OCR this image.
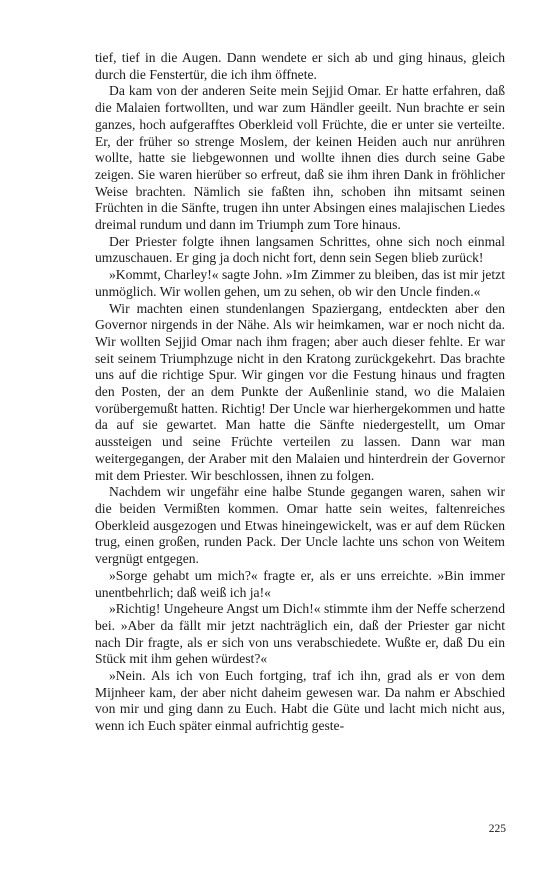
tief, tief in die Augen. Dann wendete er sich ab und ging hinaus, gleich durch die Fenstertür, die ich ihm öffnete.

Da kam von der anderen Seite mein Sejjid Omar. Er hatte erfahren, daß die Malaien fortwollten, und war zum Händler geeilt. Nun brachte er sein ganzes, hoch aufgerafftes Oberkleid voll Früchte, die er unter sie verteilte. Er, der früher so strenge Moslem, der keinen Heiden auch nur anrühren wollte, hatte sie liebgewonnen und wollte ihnen dies durch seine Gabe zeigen. Sie waren hierüber so erfreut, daß sie ihm ihren Dank in fröhlicher Weise brachten. Nämlich sie faßten ihn, schoben ihn mitsamt seinen Früchten in die Sänfte, trugen ihn unter Absingen eines malajischen Liedes dreimal rundum und dann im Triumph zum Tore hinaus.

Der Priester folgte ihnen langsamen Schrittes, ohne sich noch einmal umzuschauen. Er ging ja doch nicht fort, denn sein Segen blieb zurück!

»Kommt, Charley!« sagte John. »Im Zimmer zu bleiben, das ist mir jetzt unmöglich. Wir wollen gehen, um zu sehen, ob wir den Uncle finden.«

Wir machten einen stundenlangen Spaziergang, entdeckten aber den Governor nirgends in der Nähe. Als wir heimkamen, war er noch nicht da. Wir wollten Sejjid Omar nach ihm fragen; aber auch dieser fehlte. Er war seit seinem Triumphzuge nicht in den Kratong zurückgekehrt. Das brachte uns auf die richtige Spur. Wir gingen vor die Festung hinaus und fragten den Posten, der an dem Punkte der Außenlinie stand, wo die Malaien vorübergemußt hatten. Richtig! Der Uncle war hierhergekommen und hatte da auf sie gewartet. Man hatte die Sänfte niedergestellt, um Omar aussteigen und seine Früchte verteilen zu lassen. Dann war man weitergegangen, der Araber mit den Malaien und hinterdrein der Governor mit dem Priester. Wir beschlossen, ihnen zu folgen.

Nachdem wir ungefähr eine halbe Stunde gegangen waren, sahen wir die beiden Vermißten kommen. Omar hatte sein weites, faltenreiches Oberkleid ausgezogen und Etwas hineingewickelt, was er auf dem Rücken trug, einen großen, runden Pack. Der Uncle lachte uns schon von Weitem vergnügt entgegen.

»Sorge gehabt um mich?« fragte er, als er uns erreichte. »Bin immer unentbehrlich; daß weiß ich ja!«

»Richtig! Ungeheure Angst um Dich!« stimmte ihm der Neffe scherzend bei. »Aber da fällt mir jetzt nachträglich ein, daß der Priester gar nicht nach Dir fragte, als er sich von uns verabschiedete. Wußte er, daß Du ein Stück mit ihm gehen würdest?«

»Nein. Als ich von Euch fortging, traf ich ihn, grad als er von dem Mijnheer kam, der aber nicht daheim gewesen war. Da nahm er Abschied von mir und ging dann zu Euch. Habt die Güte und lacht mich nicht aus, wenn ich Euch später einmal aufrichtig geste-

225
